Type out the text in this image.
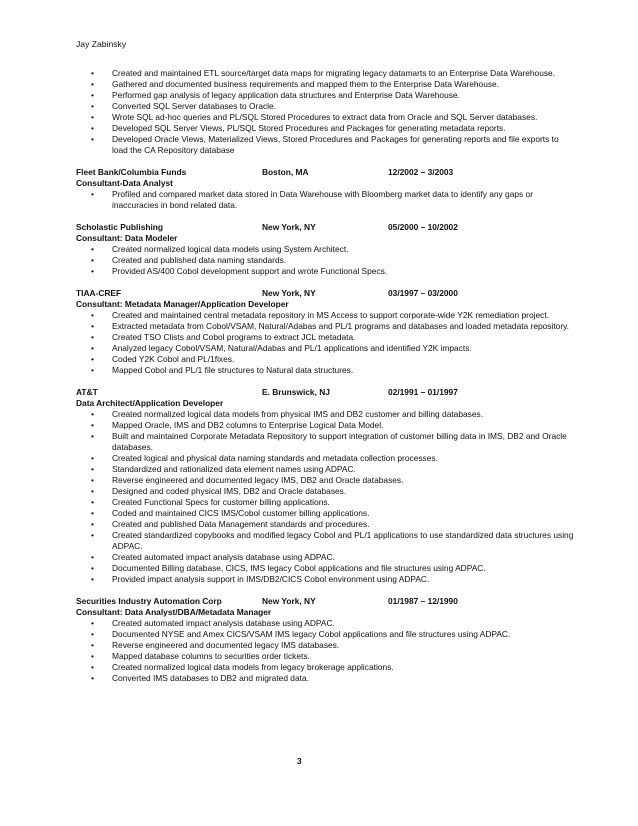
Jay Zabinsky
• Created and maintained ETL source/target data maps for migrating legacy datamarts to an Enterprise Data Warehouse.
• Gathered and documented business requirements and mapped them to the Enterprise Data Warehouse.
• Performed gap analysis of legacy application data structures and Enterprise Data Warehouse.
• Converted SQL Server databases to Oracle.
• Wrote SQL ad-hoc queries and PL/SQL Stored Procedures to extract data from Oracle and SQL Server databases.
• Developed SQL Server Views, PL/SQL Stored Procedures and Packages for generating metadata reports.
• Developed Oracle Views, Materialized Views, Stored Procedures and Packages for generating reports and file exports to load the CA Repository database
Fleet Bank/Columbia Funds	Boston, MA	12/2002 – 3/2003
Consultant-Data Analyst
• Profiled and compared market data stored in Data Warehouse with Bloomberg market data to identify any gaps or inaccuracies in bond related data.
Scholastic Publishing	New York, NY	05/2000 – 10/2002
Consultant: Data Modeler
• Created normalized logical data models using System Architect.
• Created and published data naming standards.
• Provided AS/400 Cobol development support and wrote Functional Specs.
TIAA-CREF	New York, NY	03/1997 – 03/2000
Consultant: Metadata Manager/Application Developer
• Created and maintained central metadata repository in MS Access to support corporate-wide Y2K remediation project.
• Extracted metadata from Cobol/VSAM, Natural/Adabas and PL/1 programs and databases and loaded metadata repository.
• Created TSO Clists and Cobol programs to extract JCL metadata.
• Analyzed legacy Cobol/VSAM, Natural/Adabas and PL/1 applications and identified Y2K impacts.
• Coded Y2K Cobol and PL/1fixes.
• Mapped Cobol and PL/1 file structures to Natural data structures.
AT&T	E. Brunswick, NJ	02/1991 – 01/1997
Data Architect/Application Developer
• Created normalized logical data models from physical IMS and DB2 customer and billing databases.
• Mapped Oracle, IMS and DB2 columns to Enterprise Logical Data Model.
• Built and maintained Corporate Metadata Repository to support integration of customer billing data in IMS, DB2 and Oracle databases.
• Created logical and physical data naming standards and metadata collection processes.
• Standardized and rationalized data element names using ADPAC.
• Reverse engineered and documented legacy IMS, DB2 and Oracle databases.
• Designed and coded physical IMS, DB2 and Oracle databases.
• Created Functional Specs for customer billing applications.
• Coded and maintained CICS IMS/Cobol customer billing applications.
• Created and published Data Management standards and procedures.
• Created standardized copybooks and modified legacy Cobol and PL/1 applications to use standardized data structures using ADPAC.
• Created automated impact analysis database using ADPAC.
• Documented Billing database, CICS, IMS legacy Cobol applications and file structures using ADPAC.
• Provided impact analysis support in IMS/DB2/CICS Cobol environment using ADPAC.
Securities Industry Automation Corp	New York, NY	01/1987 – 12/1990
Consultant: Data Analyst/DBA/Metadata Manager
• Created automated impact analysis database using ADPAC.
• Documented NYSE and Amex CICS/VSAM IMS legacy Cobol applications and file structures using ADPAC.
• Reverse engineered and documented legacy IMS databases.
• Mapped database columns to securities order tickets.
• Created normalized logical data models from legacy brokerage applications.
• Converted IMS databases to DB2 and migrated data.
3
